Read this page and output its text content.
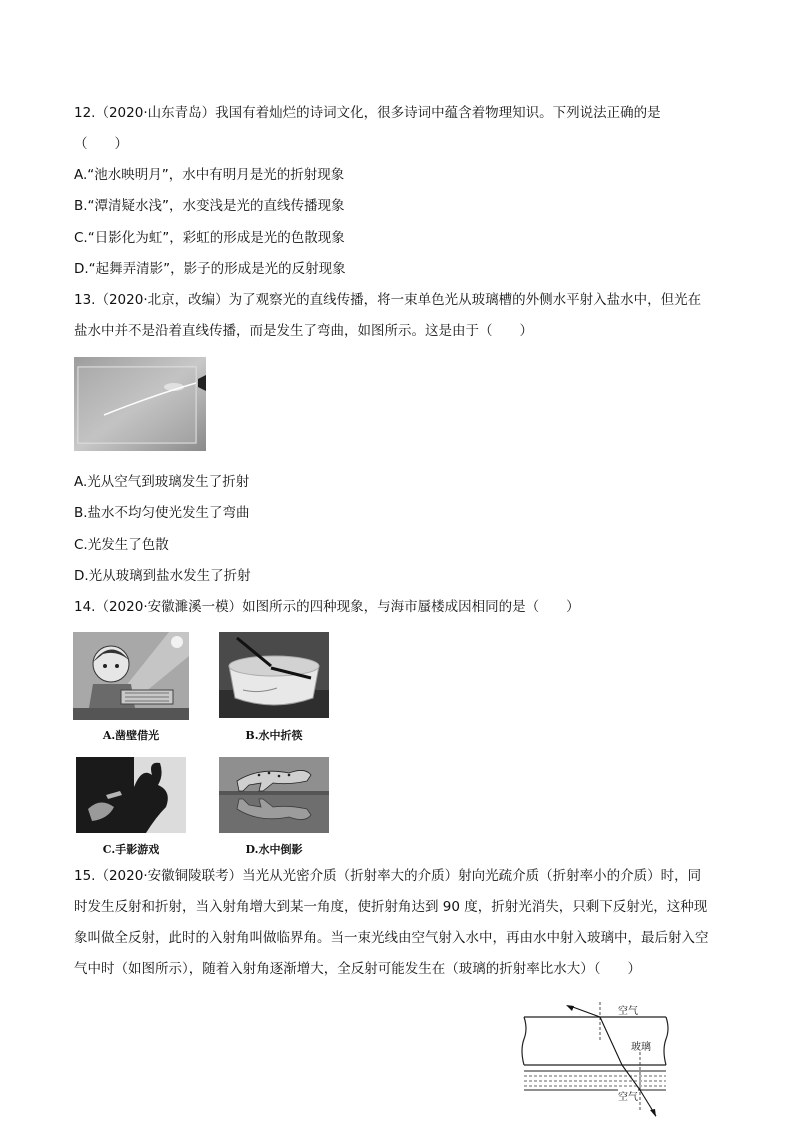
12.（2020·山东青岛）我国有着灿烂的诗词文化，很多诗词中蕴含着物理知识。下列说法正确的是
（　　）
A.“池水映明月”，水中有明月是光的折射现象
B.“潭清疑水浅”，水变浅是光的直线传播现象
C.“日影化为虹”，彩虹的形成是光的色散现象
D.“起舞弄清影”，影子的形成是光的反射现象
13.（2020·北京，改编）为了观察光的直线传播，将一束单色光从玻璃槽的外侧水平射入盐水中，但光在
盐水中并不是沿着直线传播，而是发生了弯曲，如图所示。这是由于（　　）
A.光从空气到玻璃发生了折射
B.盐水不均匀使光发生了弯曲
C.光发生了色散
D.光从玻璃到盐水发生了折射
14.（2020·安徽濉溪一模）如图所示的四种现象，与海市蜃楼成因相同的是（　　）
A.凿壁借光	B.水中折筷
C.手影游戏	D.水中倒影
15.（2020·安徽铜陵联考）当光从光密介质（折射率大的介质）射向光疏介质（折射率小的介质）时，同时发生反射和折射，当入射角增大到某一角度，使折射角达到 90 度，折射光消失，只剩下反射光，这种现象叫做全反射，此时的入射角叫做临界角。当一束光线由空气射入水中，再由水中射入玻璃中，最后射入空气中时（如图所示），随着入射角逐渐增大，全反射可能发生在（玻璃的折射率比水大）（　　）
空气
玻璃
空气
